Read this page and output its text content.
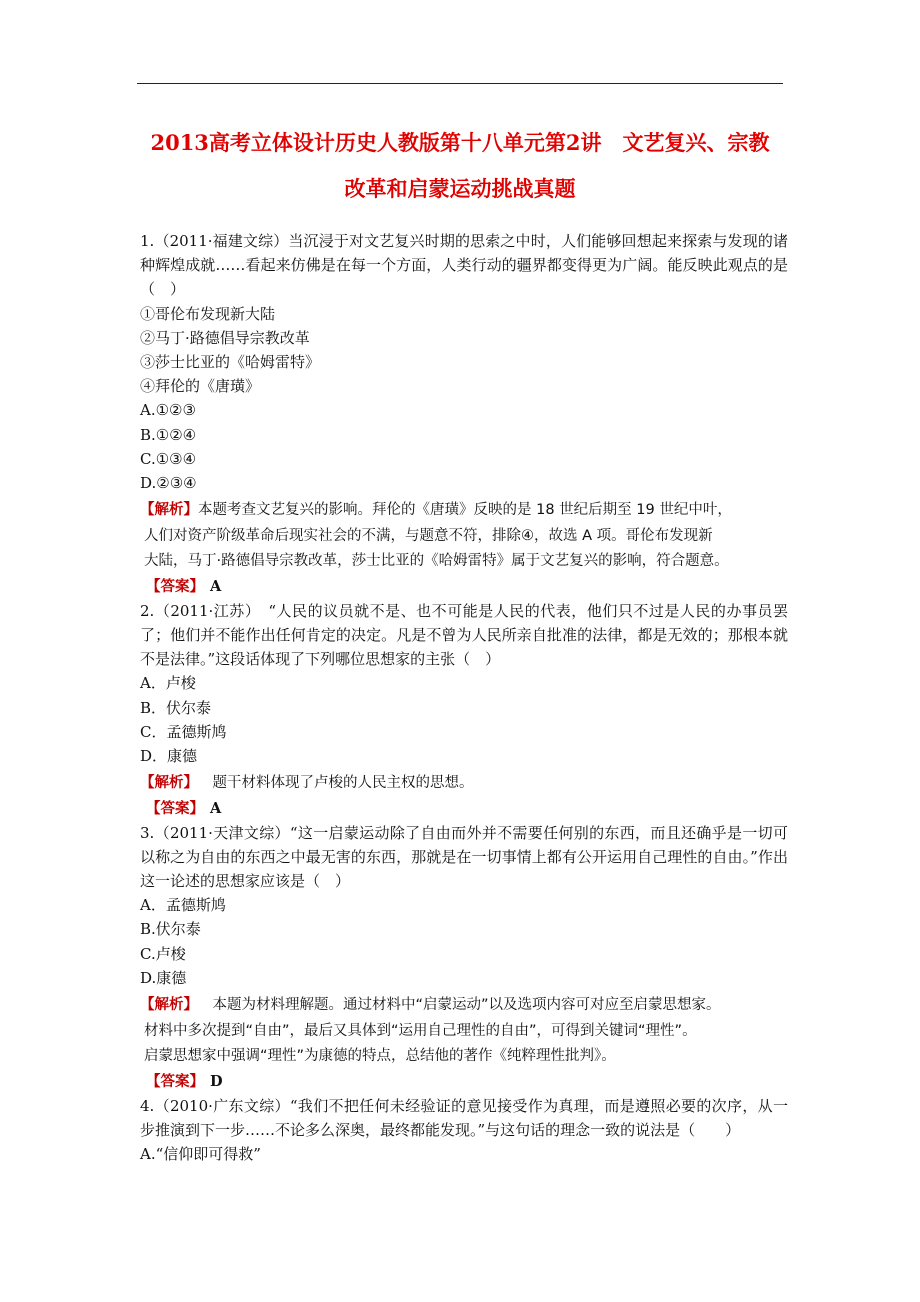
2013高考立体设计历史人教版第十八单元第2讲　文艺复兴、宗教
改革和启蒙运动挑战真题

1.（2011·福建文综）当沉浸于对文艺复兴时期的思索之中时，人们能够回想起来探索与发现的诸种辉煌成就……看起来仿佛是在每一个方面，人类行动的疆界都变得更为广阔。能反映此观点的是（　）

①哥伦布发现新大陆

②马丁·路德倡导宗教改革

③莎士比亚的《哈姆雷特》

④拜伦的《唐璜》

A.①②③

B.①②④

C.①③④

D.②③④

【解析】本题考查文艺复兴的影响。拜伦的《唐璜》反映的是 18 世纪后期至 19 世纪中叶，
人们对资产阶级革命后现实社会的不满，与题意不符，排除④，故选 A 项。哥伦布发现新
大陆，马丁·路德倡导宗教改革，莎士比亚的《哈姆雷特》属于文艺复兴的影响，符合题意。
【答案】 A

2.（2011·江苏）　“人民的议员就不是、也不可能是人民的代表，他们只不过是人民的办事员罢了；他们并不能作出任何肯定的决定。凡是不曾为人民所亲自批准的法律，都是无效的；那根本就不是法律。”这段话体现了下列哪位思想家的主张（　）

A．卢梭

B．伏尔泰

C．孟德斯鸠

D．康德

【解析】  题干材料体现了卢梭的人民主权的思想。
【答案】 A

3.（2011·天津文综）“这一启蒙运动除了自由而外并不需要任何别的东西，而且还确乎是一切可以称之为自由的东西之中最无害的东西，那就是在一切事情上都有公开运用自己理性的自由。”作出这一论述的思想家应该是（　）

A．孟德斯鸠

B.伏尔泰

C.卢梭

D.康德

【解析】  本题为材料理解题。通过材料中“启蒙运动”以及选项内容可对应至启蒙思想家。
材料中多次提到“自由”，最后又具体到“运用自己理性的自由”，可得到关键词“理性”。
启蒙思想家中强调“理性”为康德的特点，总结他的著作《纯粹理性批判》。
【答案】 D

4.（2010·广东文综）“我们不把任何未经验证的意见接受作为真理，而是遵照必要的次序，从一步推演到下一步……不论多么深奥，最终都能发现。”与这句话的理念一致的说法是（　　）

A.“信仰即可得救”
